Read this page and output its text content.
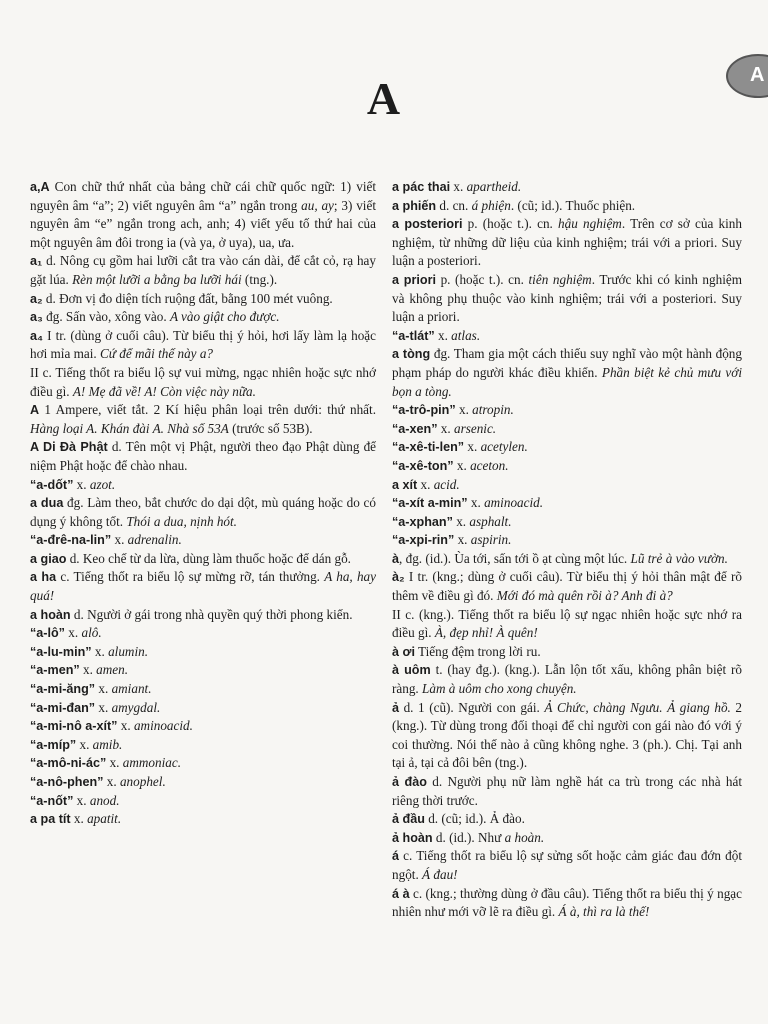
A	A
a,A Con chữ thứ nhất của bảng chữ cái chữ quốc ngữ: 1) viết nguyên âm “a”; 2) viết nguyên âm “a” ngắn trong au, ay; 3) viết nguyên âm “e” ngắn trong ach, anh; 4) viết yếu tố thứ hai của một nguyên âm đôi trong ia (và ya, ở uya), ua, ưa.
a₁ d. Nông cụ gồm hai lưỡi cắt tra vào cán dài, để cắt cỏ, rạ hay gặt lúa. Rèn một lưỡi a bằng ba lưỡi hái (tng.).
a₂ d. Đơn vị đo diện tích ruộng đất, bằng 100 mét vuông.
a₃ đg. Sấn vào, xông vào. A vào giật cho được.
a₄ I tr. (dùng ở cuối câu). Từ biểu thị ý hỏi, hơi lấy làm lạ hoặc hơi mỉa mai. Cứ để mãi thế này a?
II c. Tiếng thốt ra biểu lộ sự vui mừng, ngạc nhiên hoặc sực nhớ điều gì. A! Mẹ đã về! A! Còn việc này nữa.
A 1 Ampere, viết tắt. 2 Kí hiệu phân loại trên dưới: thứ nhất. Hàng loại A. Khán đài A. Nhà số 53A (trước số 53B).
A Di Đà Phật d. Tên một vị Phật, người theo đạo Phật dùng để niệm Phật hoặc để chào nhau.
“a-dốt” x. azot.
a dua đg. Làm theo, bắt chước do dại dột, mù quáng hoặc do có dụng ý không tốt. Thói a dua, nịnh hót.
“a-đrê-na-lin” x. adrenalin.
a giao d. Keo chế từ da lừa, dùng làm thuốc hoặc để dán gỗ.
a ha c. Tiếng thốt ra biểu lộ sự mừng rỡ, tán thưởng. A ha, hay quá!
a hoàn d. Người ở gái trong nhà quyền quý thời phong kiến.
“a-lô” x. alô.
“a-lu-min” x. alumin.
“a-men” x. amen.
“a-mi-ăng” x. amiant.
“a-mi-đan” x. amygdal.
“a-mi-nô a-xít” x. aminoacid.
“a-míp” x. amib.
“a-mô-ni-ác” x. ammoniac.
“a-nô-phen” x. anophel.
“a-nốt” x. anod.
a pa tít x. apatit.
a pác thai x. apartheid.
a phiến d. cn. á phiện. (cũ; id.). Thuốc phiện.
a posteriori p. (hoặc t.). cn. hậu nghiệm. Trên cơ sở của kinh nghiệm, từ những dữ liệu của kinh nghiệm; trái với a priori. Suy luận a posteriori.
a priori p. (hoặc t.). cn. tiên nghiệm. Trước khi có kinh nghiệm và không phụ thuộc vào kinh nghiệm; trái với a posteriori. Suy luận a priori.
“a-tlát” x. atlas.
a tòng đg. Tham gia một cách thiếu suy nghĩ vào một hành động phạm pháp do người khác điều khiển. Phần biệt kẻ chủ mưu với bọn a tòng.
“a-trô-pin” x. atropin.
“a-xen” x. arsenic.
“a-xê-ti-len” x. acetylen.
“a-xê-ton” x. aceton.
a xít x. acid.
“a-xít a-min” x. aminoacid.
“a-xphan” x. asphalt.
“a-xpi-rin” x. aspirin.
à, đg. (id.). Ùa tới, sấn tới ồ ạt cùng một lúc. Lũ trẻ à vào vườn.
à₂ I tr. (kng.; dùng ở cuối câu). Từ biểu thị ý hỏi thân mật để rõ thêm về điều gì đó. Mới đó mà quên rồi à? Anh đi à?
II c. (kng.). Tiếng thốt ra biểu lộ sự ngạc nhiên hoặc sực nhớ ra điều gì. À, đẹp nhỉ! À quên!
à ơi Tiếng đệm trong lời ru.
à uôm t. (hay đg.). (kng.). Lẫn lộn tốt xấu, không phân biệt rõ ràng. Làm à uôm cho xong chuyện.
ả d. 1 (cũ). Người con gái. Ả Chức, chàng Ngưu. Ả giang hồ. 2 (kng.). Từ dùng trong đối thoại để chỉ người con gái nào đó với ý coi thường. Nói thế nào ả cũng không nghe. 3 (ph.). Chị. Tại anh tại ả, tại cả đôi bên (tng.).
ả đào d. Người phụ nữ làm nghề hát ca trù trong các nhà hát riêng thời trước.
ả đầu d. (cũ; id.). Ả đào.
ả hoàn d. (id.). Như a hoàn.
á c. Tiếng thốt ra biểu lộ sự sửng sốt hoặc cảm giác đau đớn đột ngột. Á đau!
á à c. (kng.; thường dùng ở đầu câu). Tiếng thốt ra biểu thị ý ngạc nhiên như mới vỡ lẽ ra điều gì. Á à, thì ra là thế!
